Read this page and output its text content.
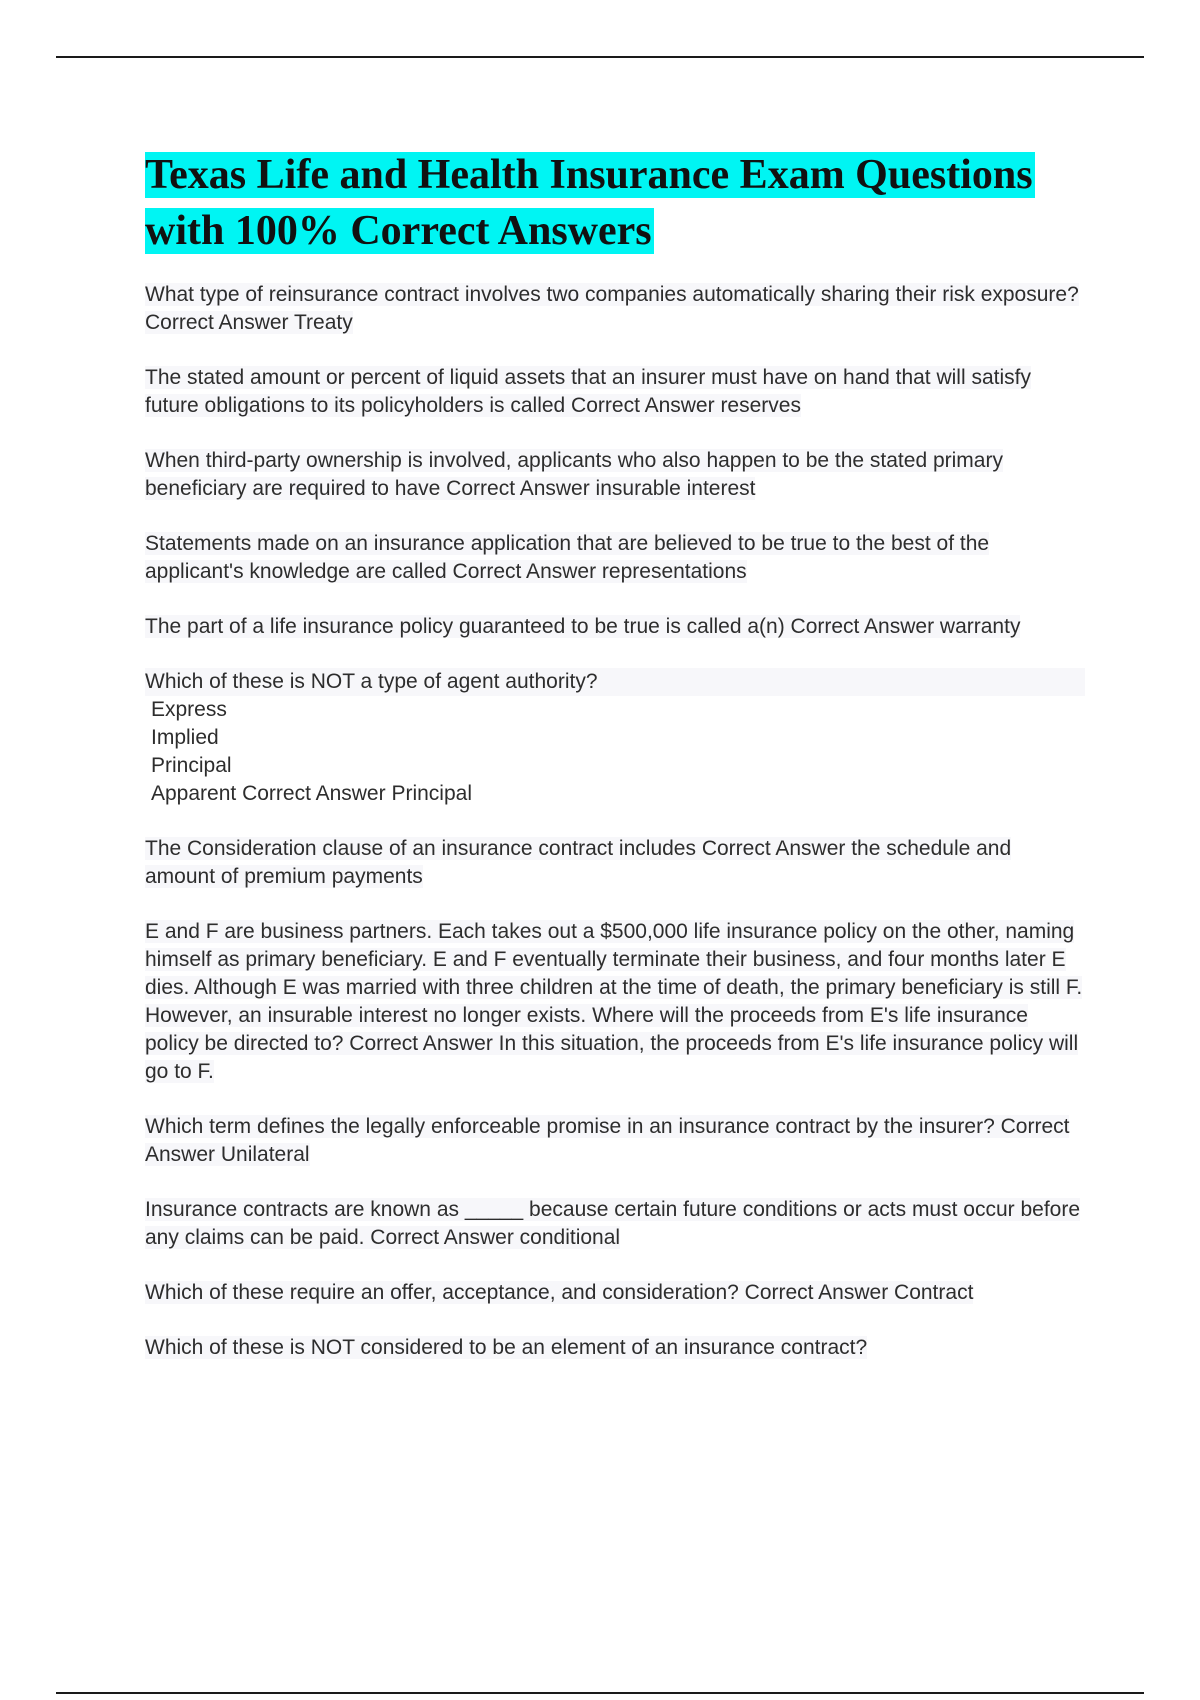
Texas Life and Health Insurance Exam Questions with 100% Correct Answers

What type of reinsurance contract involves two companies automatically sharing their risk exposure? Correct Answer Treaty

The stated amount or percent of liquid assets that an insurer must have on hand that will satisfy future obligations to its policyholders is called Correct Answer reserves

When third-party ownership is involved, applicants who also happen to be the stated primary beneficiary are required to have Correct Answer insurable interest

Statements made on an insurance application that are believed to be true to the best of the applicant's knowledge are called Correct Answer representations

The part of a life insurance policy guaranteed to be true is called a(n) Correct Answer warranty

Which of these is NOT a type of agent authority?
Express
Implied
Principal
Apparent Correct Answer Principal

The Consideration clause of an insurance contract includes Correct Answer the schedule and amount of premium payments

E and F are business partners. Each takes out a $500,000 life insurance policy on the other, naming himself as primary beneficiary. E and F eventually terminate their business, and four months later E dies. Although E was married with three children at the time of death, the primary beneficiary is still F. However, an insurable interest no longer exists. Where will the proceeds from E's life insurance policy be directed to? Correct Answer In this situation, the proceeds from E's life insurance policy will go to F.

Which term defines the legally enforceable promise in an insurance contract by the insurer? Correct Answer Unilateral

Insurance contracts are known as _____ because certain future conditions or acts must occur before any claims can be paid. Correct Answer conditional

Which of these require an offer, acceptance, and consideration? Correct Answer Contract

Which of these is NOT considered to be an element of an insurance contract?
